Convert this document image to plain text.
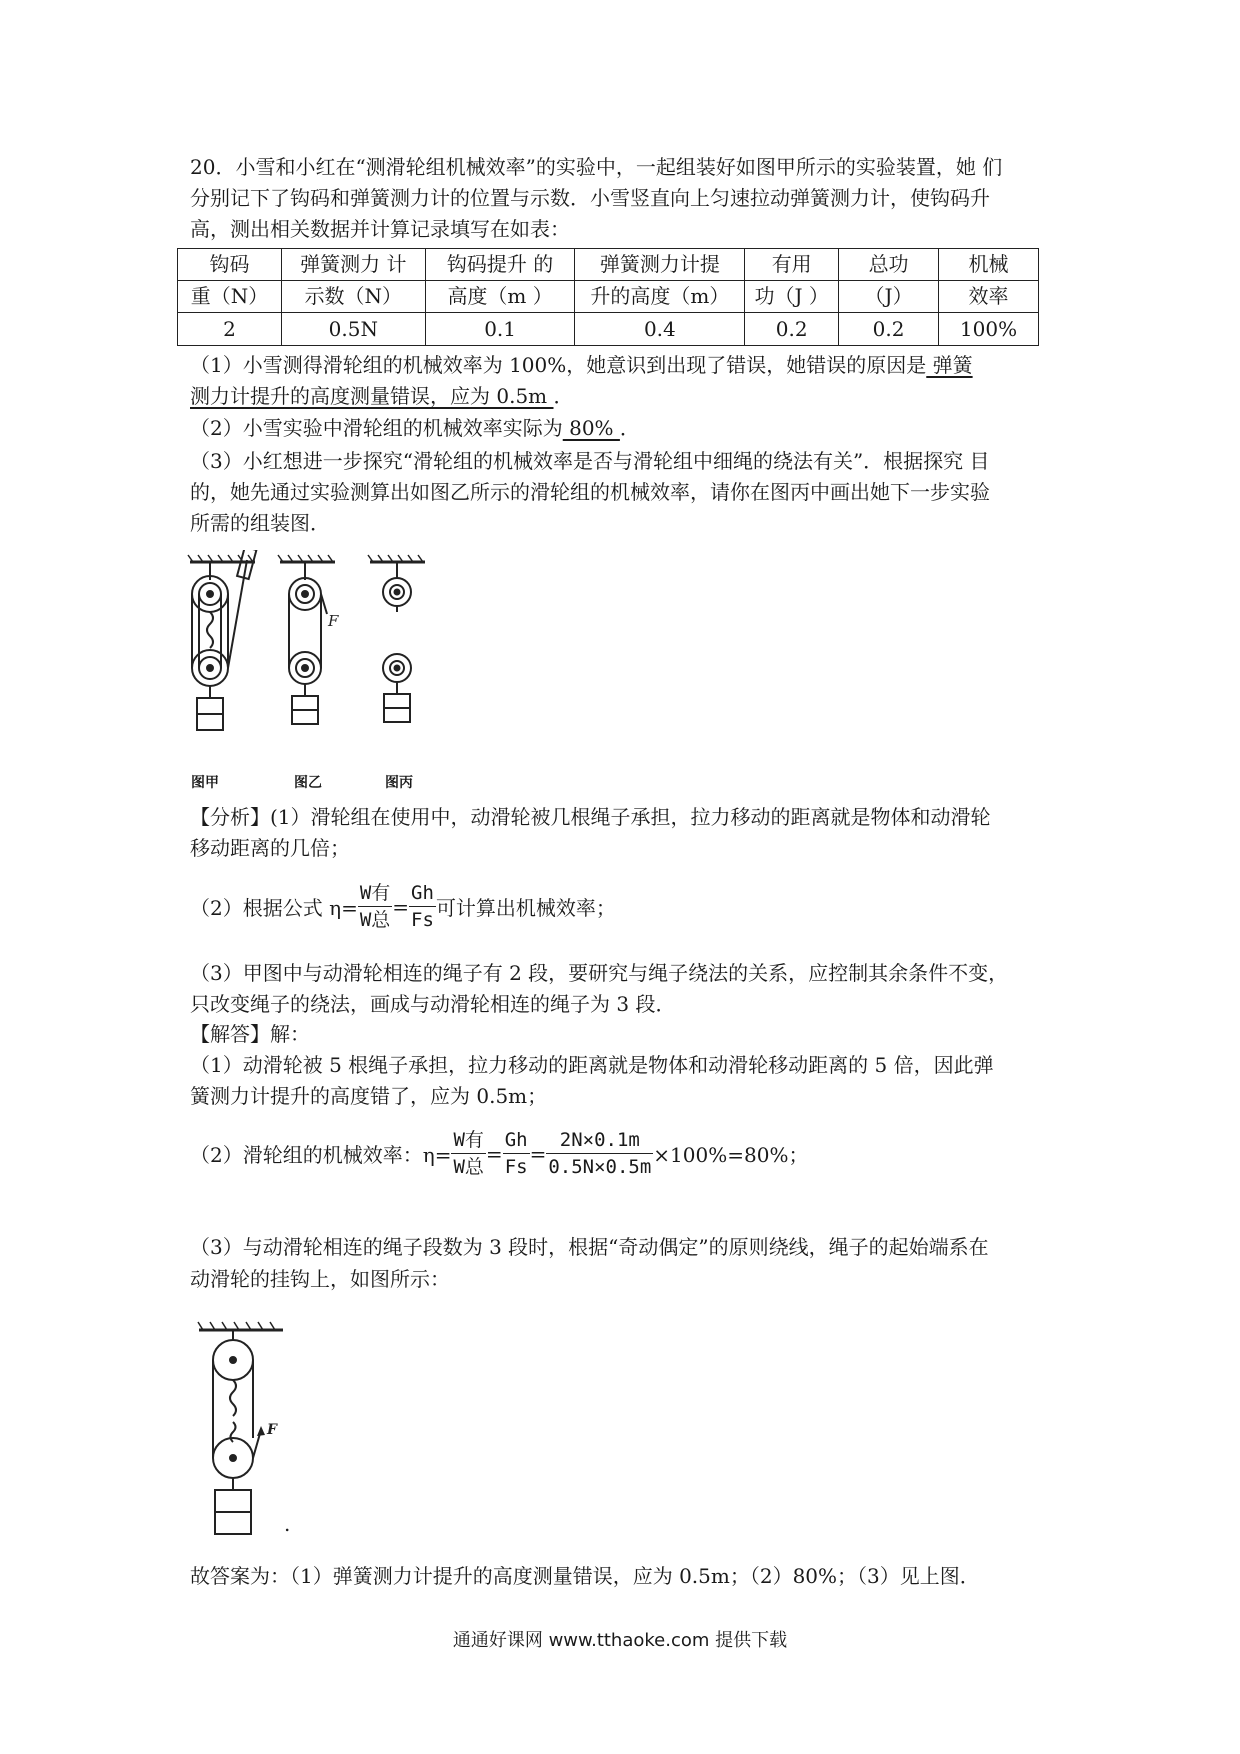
20．小雪和小红在“测滑轮组机械效率”的实验中，一起组装好如图甲所示的实验装置，她 们
分别记下了钩码和弹簧测力计的位置与示数．小雪竖直向上匀速拉动弹簧测力计，使钩码升
高，测出相关数据并计算记录填写在如表：
钩码	弹簧测力 计	钩码提升 的	弹簧测力计提	有用	总功	机械
重（N）	示数（N）	高度（m ）	升的高度（m）	功（J ）	（J）	效率
2	0.5N	0.1	0.4	0.2	0.2	100%
（1）小雪测得滑轮组的机械效率为 100%，她意识到出现了错误，她错误的原因是 弹簧
测力计提升的高度测量错误，应为 0.5m ．
（2）小雪实验中滑轮组的机械效率实际为 80% ．
（3）小红想进一步探究“滑轮组的机械效率是否与滑轮组中细绳的绕法有关”．根据探究 目
的，她先通过实验测算出如图乙所示的滑轮组的机械效率，请你在图丙中画出她下一步实验
所需的组装图．
F
图甲	图乙	图丙
【分析】(1）滑轮组在使用中，动滑轮被几根绳子承担，拉力移动的距离就是物体和动滑轮
移动距离的几倍；
（2）根据公式 $\eta= \frac{\text{W有}}{\text{W总}} = \frac{Gh}{Fs}$ 可计算出机械效率；
（3）甲图中与动滑轮相连的绳子有 2 段，要研究与绳子绕法的关系，应控制其余条件不变，
只改变绳子的绕法，画成与动滑轮相连的绳子为 3 段．
【解答】解：
（1）动滑轮被 5 根绳子承担，拉力移动的距离就是物体和动滑轮移动距离的 5 倍，因此弹
簧测力计提升的高度错了，应为 0.5m；
（2）滑轮组的机械效率：$\eta= \frac{\text{W有}}{\text{W总}} = \frac{Gh}{Fs} = \frac{2N\times 0.1m}{0.5N\times 0.5m} \times 100\%=80\%$；
（3）与动滑轮相连的绳子段数为 3 段时，根据“奇动偶定”的原则绕线，绳子的起始端系在
动滑轮的挂钩上，如图所示：
F
.
故答案为：（1）弹簧测力计提升的高度测量错误，应为 0.5m；（2）80%；（3）见上图．
通通好课网 www.tthaoke.com 提供下载
